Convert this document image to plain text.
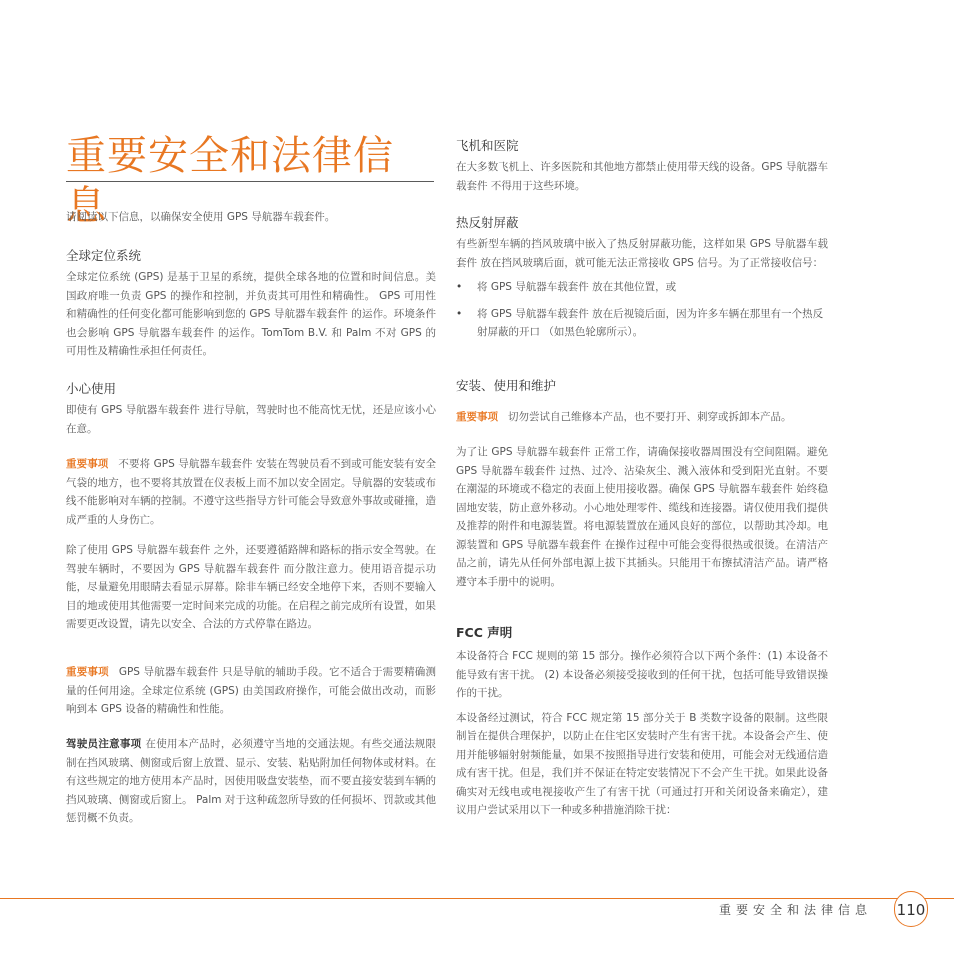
重要安全和法律信息

请阅读以下信息，以确保安全使用 GPS 导航器车载套件。

全球定位系统

全球定位系统 (GPS) 是基于卫星的系统，提供全球各地的位置和时间信息。美国政府唯一负责 GPS 的操作和控制，并负责其可用性和精确性。 GPS 可用性和精确性的任何变化都可能影响到您的 GPS 导航器车载套件 的运作。环境条件也会影响 GPS 导航器车载套件 的运作。TomTom B.V. 和 Palm 不对 GPS 的可用性及精确性承担任何责任。

小心使用

即使有 GPS 导航器车载套件 进行导航，驾驶时也不能高忱无忧，还是应该小心在意。

重要事项 不要将 GPS 导航器车载套件 安装在驾驶员看不到或可能安装有安全气袋的地方，也不要将其放置在仪表板上而不加以安全固定。导航器的安装或布线不能影响对车辆的控制。不遵守这些指导方针可能会导致意外事故或碰撞，造成严重的人身伤亡。

除了使用 GPS 导航器车载套件 之外，还要遵循路牌和路标的指示安全驾驶。在驾驶车辆时，不要因为 GPS 导航器车载套件 而分散注意力。使用语音提示功能，尽量避免用眼睛去看显示屏幕。除非车辆已经安全地停下来，否则不要输入目的地或使用其他需要一定时间来完成的功能。在启程之前完成所有设置，如果需要更改设置，请先以安全、合法的方式停靠在路边。

重要事项 GPS 导航器车载套件 只是导航的辅助手段。它不适合于需要精确测量的任何用途。全球定位系统 (GPS) 由美国政府操作，可能会做出改动，而影响到本 GPS 设备的精确性和性能。

驾驶员注意事项 在使用本产品时，必须遵守当地的交通法规。有些交通法规限制在挡风玻璃、侧窗或后窗上放置、显示、安装、粘贴附加任何物体或材料。在有这些规定的地方使用本产品时，因使用吸盘安装垫，而不要直接安装到车辆的挡风玻璃、侧窗或后窗上。 Palm 对于这种疏忽所导致的任何损坏、罚款或其他惩罚概不负责。

飞机和医院

在大多数飞机上、许多医院和其他地方都禁止使用带天线的设备。GPS 导航器车载套件 不得用于这些环境。

热反射屏蔽

有些新型车辆的挡风玻璃中嵌入了热反射屏蔽功能，这样如果 GPS 导航器车载套件 放在挡风玻璃后面，就可能无法正常接收 GPS 信号。为了正常接收信号：

• 将 GPS 导航器车载套件 放在其他位置，或
• 将 GPS 导航器车载套件 放在后视镜后面，因为许多车辆在那里有一个热反射屏蔽的开口 （如黑色轮廓所示）。
安装、使用和维护

重要事项 切勿尝试自己维修本产品，也不要打开、刺穿或拆卸本产品。

为了让 GPS 导航器车载套件 正常工作，请确保接收器周围没有空间阻隔。避免 GPS 导航器车载套件 过热、过冷、沾染灰尘、溅入液体和受到阳光直射。不要在潮湿的环境或不稳定的表面上使用接收器。确保 GPS 导航器车载套件 始终稳固地安装，防止意外移动。小心地处理零件、缆线和连接器。请仅使用我们提供及推荐的附件和电源装置。将电源装置放在通风良好的部位，以帮助其冷却。电源装置和 GPS 导航器车载套件 在操作过程中可能会变得很热或很烫。在清洁产品之前，请先从任何外部电源上拔下其插头。只能用干布擦拭清洁产品。请严格遵守本手册中的说明。

FCC 声明

本设备符合 FCC 规则的第 15 部分。操作必须符合以下两个条件：(1) 本设备不能导致有害干扰。 (2) 本设备必须接受接收到的任何干扰，包括可能导致错误操作的干扰。

本设备经过测试，符合 FCC 规定第 15 部分关于 B 类数字设备的限制。这些限制旨在提供合理保护，以防止在住宅区安装时产生有害干扰。本设备会产生、使用并能够辐射射频能量，如果不按照指导进行安装和使用，可能会对无线通信造成有害干扰。但是，我们并不保证在特定安装情况下不会产生干扰。如果此设备确实对无线电或电视接收产生了有害干扰（可通过打开和关闭设备来确定），建议用户尝试采用以下一种或多种措施消除干扰：

重要安全和法律信息 110
